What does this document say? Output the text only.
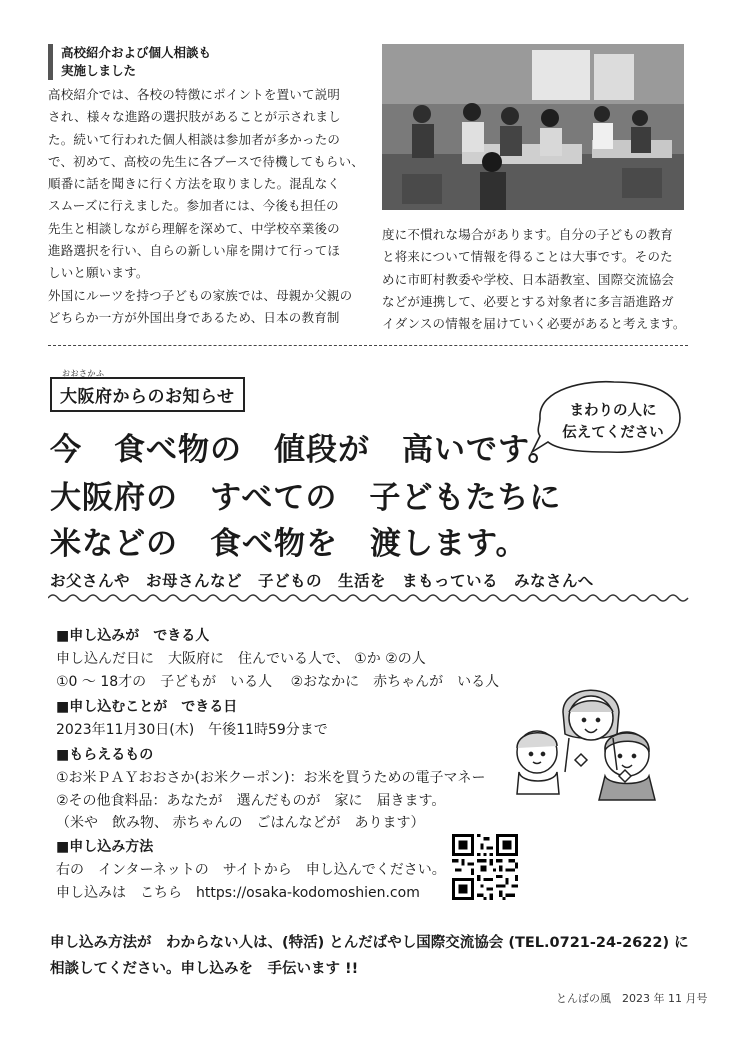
高校紹介および個人相談も
実施しました

高校紹介では、各校の特徴にポイントを置いて説明

され、様々な進路の選択肢があることが示されまし

た。続いて行われた個人相談は参加者が多かったの

で、初めて、高校の先生に各ブースで待機してもらい、

順番に話を聞きに行く方法を取りました。混乱なく

スムーズに行えました。参加者には、今後も担任の

先生と相談しながら理解を深めて、中学校卒業後の

進路選択を行い、自らの新しい扉を開けて行ってほ

しいと願います。

外国にルーツを持つ子どもの家族では、母親か父親の

どちらか一方が外国出身であるため、日本の教育制

度に不慣れな場合があります。自分の子どもの教育
と将来について情報を得ることは大事です。そのた
めに市町村教委や学校、日本語教室、国際交流協会
などが連携して、必要とする対象者に多言語進路ガ
イダンスの情報を届けていく必要があると考えます。
おおさかふ
大阪府からのお知らせ
まわりの人に
伝えてください
今　食べ物の　値段が　高いです。
大阪府の　すべての　子どもたちに
米などの　食べ物を　渡します。
お父さんや　お母さんなど　子どもの　生活を　まもっている　みなさんへ
■申し込みが　できる人
申し込んだ日に　大阪府に　住んでいる人で、 ①か ②の人
①0 ～ 18才の　子どもが　いる人　 ②おなかに　赤ちゃんが　いる人
■申し込むことが　できる日
2023年11月30日(木)　午後11時59分まで
■もらえるもの
①お米ＰＡＹおおさか(お米クーポン)：お米を買うための電子マネー
②その他食料品：あなたが　選んだものが　家に　届きます。
（米や　飲み物、 赤ちゃんの　ごはんなどが　あります）
■申し込み方法
右の　インターネットの　サイトから　申し込んでください。
申し込みは　こちら　https://osaka-kodomoshien.com
申し込み方法が　わからない人は、(特活) とんだばやし国際交流協会 (TEL.0721-24-2622) に
相談してください。申し込みを　手伝います !!
とんばの風　2023 年 11 月号
